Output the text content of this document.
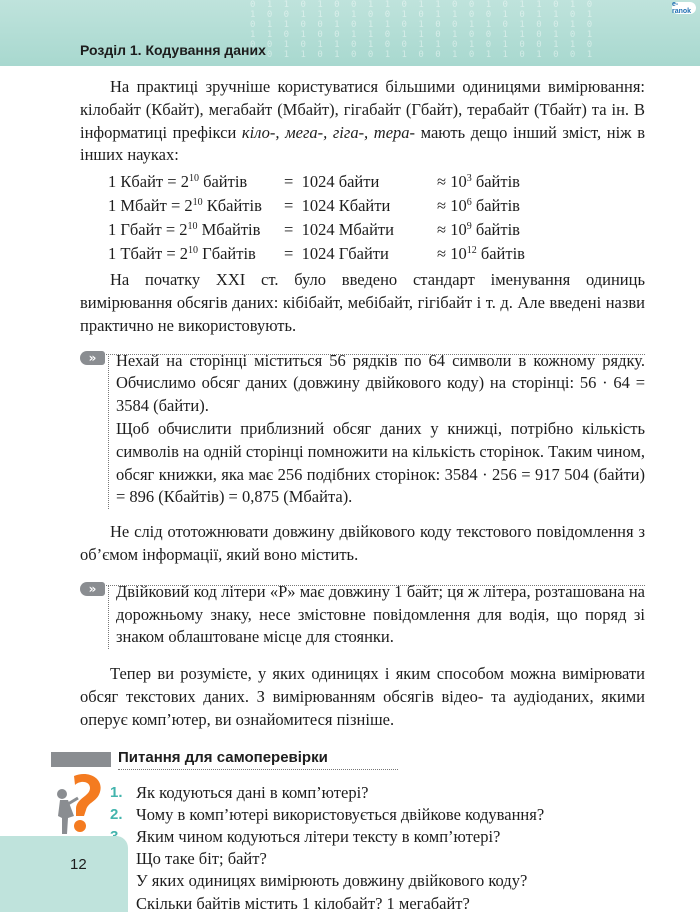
0 1 1 0 1 0 0 1 1 0 1 1 0 0 1 0 1 1 0 1 0
1 0 0 1 1 0 1 0 0 1 0 1 1 0 0 1 0 1 1 0 1
0 1 1 0 0 1 0 1 1 0 1 0 0 1 1 0 1 0 0 1 0
1 1 0 1 0 0 1 1 0 1 1 0 1 0 0 1 1 0 1 0 1
0 0 1 0 1 1 0 1 0 0 1 1 0 1 0 1 0 0 1 1 0
1 0 1 1 0 1 0 0 1 1 0 0 1 0 1 1 0 1 0 0 1
Розділ 1. Кодування даних
e-ranok

На практиці зручніше користуватися більшими одиницями вимірювання: кілобайт (Кбайт), мегабайт (Мбайт), гігабайт (Гбайт), терабайт (Тбайт) та ін. В інформатиці префікси кіло-, мега-, гіга-, тера- мають дещо інший зміст, ніж в інших науках:

1 Кбайт = $2^{10}$ байтів	= 1024 байти	≈ $10^3$ байтів
1 Мбайт = $2^{10}$ Кбайтів	= 1024 Кбайти	≈ $10^6$ байтів
1 Гбайт = $2^{10}$ Мбайтів	= 1024 Мбайти	≈ $10^9$ байтів
1 Тбайт = $2^{10}$ Гбайтів	= 1024 Гбайти	≈ $10^{12}$ байтів

На початку ХХІ ст. було введено стандарт іменування одиниць вимірювання обсягів даних: кібібайт, мебібайт, гігібайт і т. д. Але введені назви практично не використовують.

»	Нехай на сторінці міститься 56 рядків по 64 символи в кожному рядку. Обчислимо обсяг даних (довжину двійкового коду) на сторінці: 56 · 64 = 3584 (байти).

Щоб обчислити приблизний обсяг даних у книжці, потрібно кількість символів на одній сторінці помножити на кількість сторінок. Таким чином, обсяг книжки, яка має 256 подібних сторінок: 3584 · 256 = 917 504 (байти) = 896 (Кбайтів) = 0,875 (Мбайта).

Не слід ототожнювати довжину двійкового коду текстового повідомлення з об’ємом інформації, який воно містить.

»	Двійковий код літери «P» має довжину 1 байт; ця ж літера, розташована на дорожньому знаку, несе змістовне повідомлення для водія, що поряд зі знаком облаштоване місце для стоянки.

Тепер ви розумієте, у яких одиницях і яким способом можна вимірювати обсяг текстових даних. З вимірюванням обсягів відео- та аудіоданих, якими оперує комп’ютер, ви ознайомитеся пізніше.

Питання для самоперевірки
1. Як кодуються дані в комп’ютері?
2. Чому в комп’ютері використовується двійкове кодування?
Яким чином кодуються літери тексту в комп’ютері?
Що таке біт; байт?
У яких одиницях вимірюють довжину двійкового коду?
Скільки байтів містить 1 кілобайт? 1 мегабайт?
12
